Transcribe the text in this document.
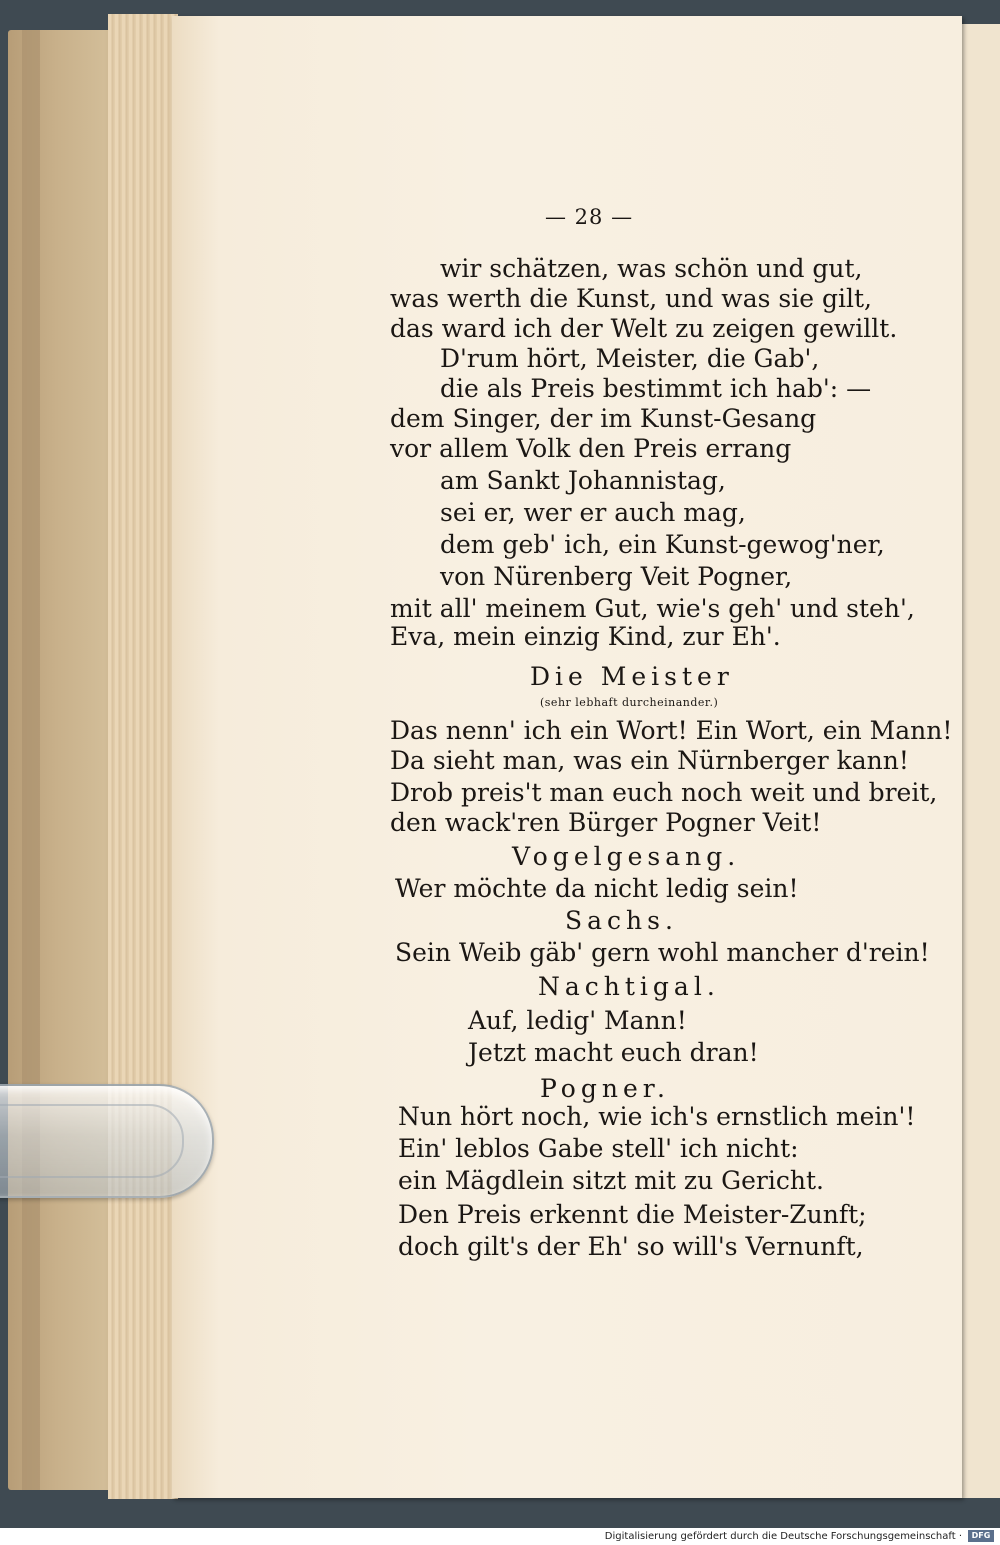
— 28 —
wir schätzen, was schön und gut,
was werth die Kunst, und was sie gilt,
das ward ich der Welt zu zeigen gewillt.
D'rum hört, Meister, die Gab',
die als Preis bestimmt ich hab': —
dem Singer, der im Kunst-Gesang
vor allem Volk den Preis errang
am Sankt Johannistag,
sei er, wer er auch mag,
dem geb' ich, ein Kunst-gewog'ner,
von Nürenberg Veit Pogner,
mit all' meinem Gut, wie's geh' und steh',
Eva, mein einzig Kind, zur Eh'.
Die Meister
(sehr lebhaft durcheinander.)
Das nenn' ich ein Wort! Ein Wort, ein Mann!
Da sieht man, was ein Nürnberger kann!
Drob preis't man euch noch weit und breit,
den wack'ren Bürger Pogner Veit!
Vogelgesang.
Wer möchte da nicht ledig sein!
Sachs.
Sein Weib gäb' gern wohl mancher d'rein!
Nachtigal.
Auf, ledig' Mann!
Jetzt macht euch dran!
Pogner.
Nun hört noch, wie ich's ernstlich mein'!
Ein' leblos Gabe stell' ich nicht:
ein Mägdlein sitzt mit zu Gericht.
Den Preis erkennt die Meister-Zunft;
doch gilt's der Eh' so will's Vernunft,
Digitalisierung gefördert durch die Deutsche Forschungsgemeinschaft ·	DFG
